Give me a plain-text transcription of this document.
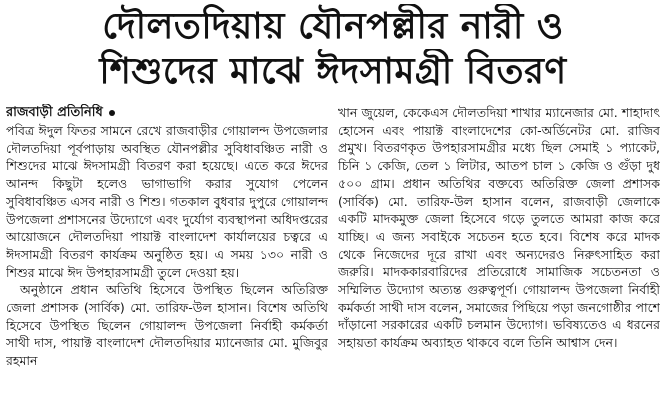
দৌলতদিয়ায় যৌনপল্লীর নারী ও
শিশুদের মাঝে ঈদসামগ্রী বিতরণ
রাজবাড়ী প্রতিনিধি

পবিত্র ঈদুল ফিতর সামনে রেখে রাজবাড়ীর গোয়ালন্দ উপজেলার দৌলতদিয়া পূর্বপাড়ায় অবস্থিত যৌনপল্লীর সুবিধাবঞ্চিত নারী ও শিশুদের মাঝে ঈদসামগ্রী বিতরণ করা হয়েছে। এতে করে ঈদের আনন্দ কিছুটা হলেও ভাগাভাগি করার সুযোগ পেলেন সুবিধাবঞ্চিত এসব নারী ও শিশু। গতকাল বুধবার দুপুরে গোয়ালন্দ উপজেলা প্রশাসনের উদ্যোগে এবং দুর্যোগ ব্যবস্থাপনা অধিদপ্তরের আয়োজনে দৌলতদিয়া পায়াক্ট বাংলাদেশ কার্যালয়ের চত্বরে এ ঈদসামগ্রী বিতরণ কার্যক্রম অনুষ্ঠিত হয়। এ সময় ১৩০ নারী ও শিশুর মাঝে ঈদ উপহারসামগ্রী তুলে দেওয়া হয়।

অনুষ্ঠানে প্রধান অতিথি হিসেবে উপস্থিত ছিলেন অতিরিক্ত জেলা প্রশাসক (সার্বিক) মো. তারিফ-উল হাসান। বিশেষ অতিথি হিসেবে উপস্থিত ছিলেন গোয়ালন্দ উপজেলা নির্বাহী কর্মকর্তা সাথী দাস, পায়াক্ট বাংলাদেশ দৌলতদিয়ার ম্যানেজার মো. মুজিবুর রহমান

খান জুয়েল, কেকেএস দৌলতদিয়া শাখার ম্যানেজার মো. শাহাদাৎ হোসেন এবং পায়াক্ট বাংলাদেশের কো-অর্ডিনেটর মো. রাজিব প্রমুখ। বিতরণকৃত উপহারসামগ্রীর মধ্যে ছিল সেমাই ১ প্যাকেট, চিনি ১ কেজি, তেল ১ লিটার, আতপ চাল ১ কেজি ও গুঁড়া দুধ ৫০০ গ্রাম। প্রধান অতিথির বক্তব্যে অতিরিক্ত জেলা প্রশাসক (সার্বিক) মো. তারিফ-উল হাসান বলেন, রাজবাড়ী জেলাকে একটি মাদকমুক্ত জেলা হিসেবে গড়ে তুলতে আমরা কাজ করে যাচ্ছি। এ জন্য সবাইকে সচেতন হতে হবে। বিশেষ করে মাদক থেকে নিজেদের দূরে রাখা এবং অন্যদেরও নিরুৎসাহিত করা জরুরি। মাদককারবারিদের প্রতিরোধে সামাজিক সচেতনতা ও সম্মিলিত উদ্যোগ অত্যন্ত গুরুত্বপূর্ণ। গোয়ালন্দ উপজেলা নির্বাহী কর্মকর্তা সাথী দাস বলেন, সমাজের পিছিয়ে পড়া জনগোষ্ঠীর পাশে দাঁড়ানো সরকারের একটি চলমান উদ্যোগ। ভবিষ্যতেও এ ধরনের সহায়তা কার্যক্রম অব্যাহত থাকবে বলে তিনি আশ্বাস দেন।
